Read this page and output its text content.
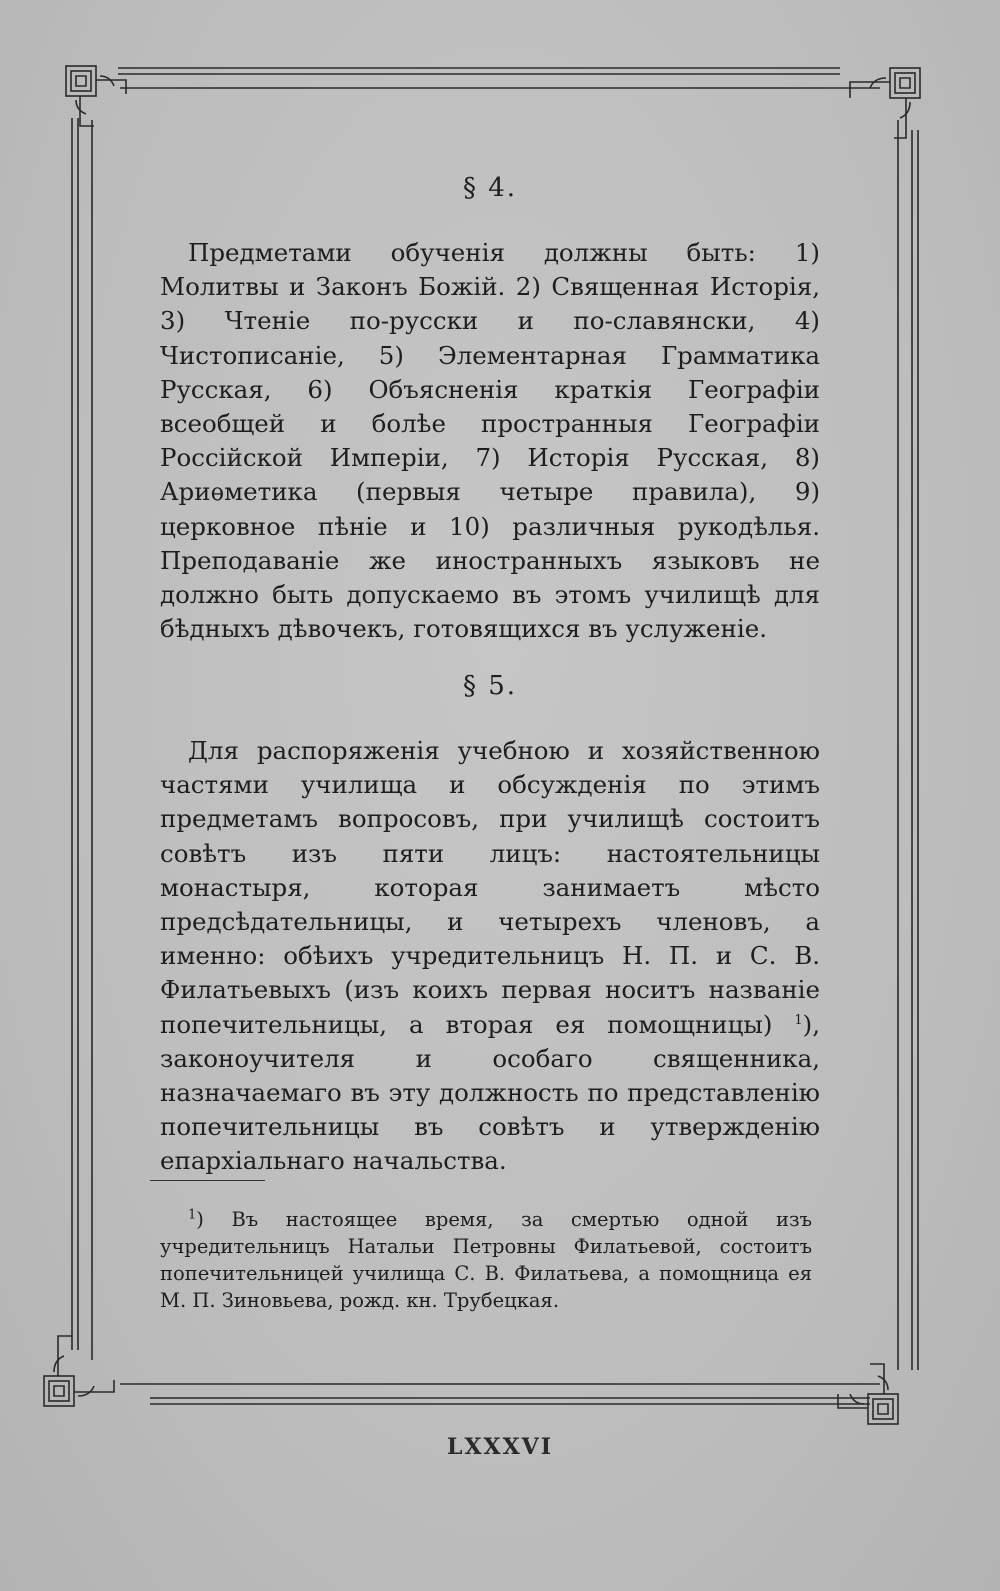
§ 4.

Предметами обученія должны быть: 1) Молитвы и Законъ Божій. 2) Священная Исторія, 3) Чтеніе по-русски и по-славянски, 4) Чистописаніе, 5) Элементарная Грамматика Русская, 6) Объясненія краткія Географіи всеобщей и болѣе пространныя Географіи Россійской Имперіи, 7) Исторія Русская, 8) Ариѳметика (первыя четыре правила), 9) церковное пѣніе и 10) различныя рукодѣлья. Преподаваніе же иностранныхъ языковъ не должно быть допускаемо въ этомъ училищѣ для бѣдныхъ дѣвочекъ, готовящихся въ услуженіе.

§ 5.

Для распоряженія учебною и хозяйственною частями училища и обсужденія по этимъ предметамъ вопросовъ, при училищѣ состоитъ совѣтъ изъ пяти лицъ: настоятельницы монастыря, которая занимаетъ мѣсто предсѣдательницы, и четырехъ членовъ, а именно: обѣихъ учредительницъ Н. П. и С. В. Филатьевыхъ (изъ коихъ первая носитъ названіе попечительницы, а вторая ея помощницы) $^1$), законоучителя и особаго священника, назначаемаго въ эту должность по представленію попечительницы въ совѣтъ и утвержденію епархіальнаго начальства.

$^1$) Въ настоящее время, за смертью одной изъ учредительницъ Натальи Петровны Филатьевой, состоитъ попечительницей училища С. В. Филатьева, а помощница ея М. П. Зиновьева, рожд. кн. Трубецкая.
LXXXVI
